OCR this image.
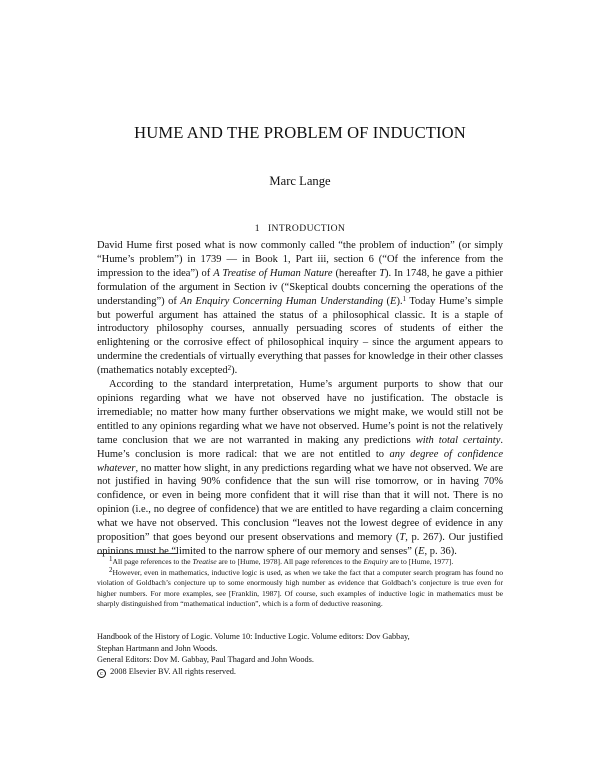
HUME AND THE PROBLEM OF INDUCTION
Marc Lange
1 INTRODUCTION

David Hume first posed what is now commonly called “the problem of induction” (or simply “Hume’s problem”) in 1739 — in Book 1, Part iii, section 6 (“Of the inference from the impression to the idea”) of A Treatise of Human Nature (hereafter T). In 1748, he gave a pithier formulation of the argument in Section iv (“Skeptical doubts concerning the operations of the understanding”) of An Enquiry Concerning Human Understanding (E).$^1$ Today Hume’s simple but powerful argument has attained the status of a philosophical classic. It is a staple of introductory philosophy courses, annually persuading scores of students of either the enlightening or the corrosive effect of philosophical inquiry – since the argument appears to undermine the credentials of virtually everything that passes for knowledge in their other classes (mathematics notably excepted$^2$).

According to the standard interpretation, Hume’s argument purports to show that our opinions regarding what we have not observed have no justification. The obstacle is irremediable; no matter how many further observations we might make, we would still not be entitled to any opinions regarding what we have not observed. Hume’s point is not the relatively tame conclusion that we are not warranted in making any predictions with total certainty. Hume’s conclusion is more radical: that we are not entitled to any degree of confidence whatever, no matter how slight, in any predictions regarding what we have not observed. We are not justified in having 90% confidence that the sun will rise tomorrow, or in having 70% confidence, or even in being more confident that it will rise than that it will not. There is no opinion (i.e., no degree of confidence) that we are entitled to have regarding a claim concerning what we have not observed. This conclusion “leaves not the lowest degree of evidence in any proposition” that goes beyond our present observations and memory (T, p. 267). Our justified opinions must be “limited to the narrow sphere of our memory and senses” (E, p. 36).

$^1$All page references to the Treatise are to [Hume, 1978]. All page references to the Enquiry are to [Hume, 1977].

$^2$However, even in mathematics, inductive logic is used, as when we take the fact that a computer search program has found no violation of Goldbach’s conjecture up to some enormously high number as evidence that Goldbach’s conjecture is true even for higher numbers. For more examples, see [Franklin, 1987]. Of course, such examples of inductive logic in mathematics must be sharply distinguished from “mathematical induction”, which is a form of deductive reasoning.

Handbook of the History of Logic. Volume 10: Inductive Logic. Volume editors: Dov Gabbay,
Stephan Hartmann and John Woods.
General Editors: Dov M. Gabbay, Paul Thagard and John Woods.
c 2008 Elsevier BV. All rights reserved.
